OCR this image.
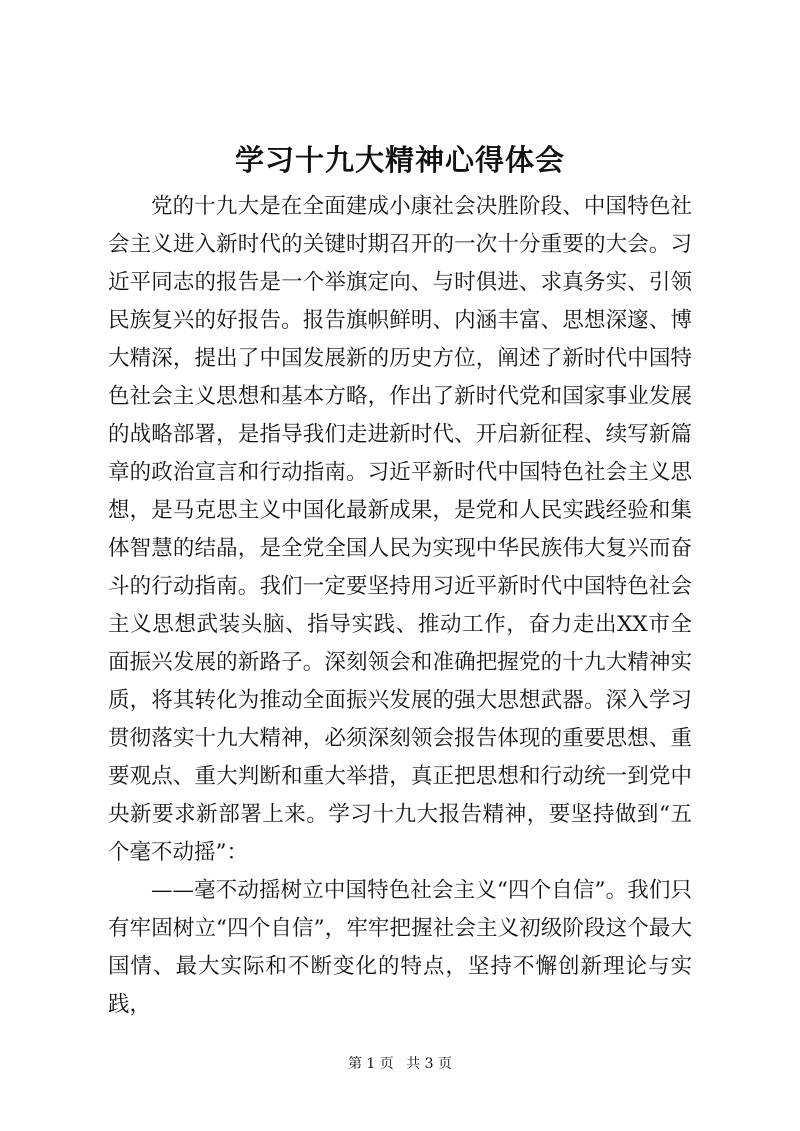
学习十九大精神心得体会

党的十九大是在全面建成小康社会决胜阶段、中国特色社会主义进入新时代的关键时期召开的一次十分重要的大会。习近平同志的报告是一个举旗定向、与时俱进、求真务实、引领民族复兴的好报告。报告旗帜鲜明、内涵丰富、思想深邃、博大精深，提出了中国发展新的历史方位，阐述了新时代中国特色社会主义思想和基本方略，作出了新时代党和国家事业发展的战略部署，是指导我们走进新时代、开启新征程、续写新篇章的政治宣言和行动指南。习近平新时代中国特色社会主义思想，是马克思主义中国化最新成果，是党和人民实践经验和集体智慧的结晶，是全党全国人民为实现中华民族伟大复兴而奋斗的行动指南。我们一定要坚持用习近平新时代中国特色社会主义思想武装头脑、指导实践、推动工作，奋力走出XX市全面振兴发展的新路子。深刻领会和准确把握党的十九大精神实质，将其转化为推动全面振兴发展的强大思想武器。深入学习贯彻落实十九大精神，必须深刻领会报告体现的重要思想、重要观点、重大判断和重大举措，真正把思想和行动统一到党中央新要求新部署上来。学习十九大报告精神，要坚持做到“五个毫不动摇”：

——毫不动摇树立中国特色社会主义“四个自信”。我们只有牢固树立“四个自信”，牢牢把握社会主义初级阶段这个最大国情、最大实际和不断变化的特点，坚持不懈创新理论与实践，

第 1 页 共 3 页
